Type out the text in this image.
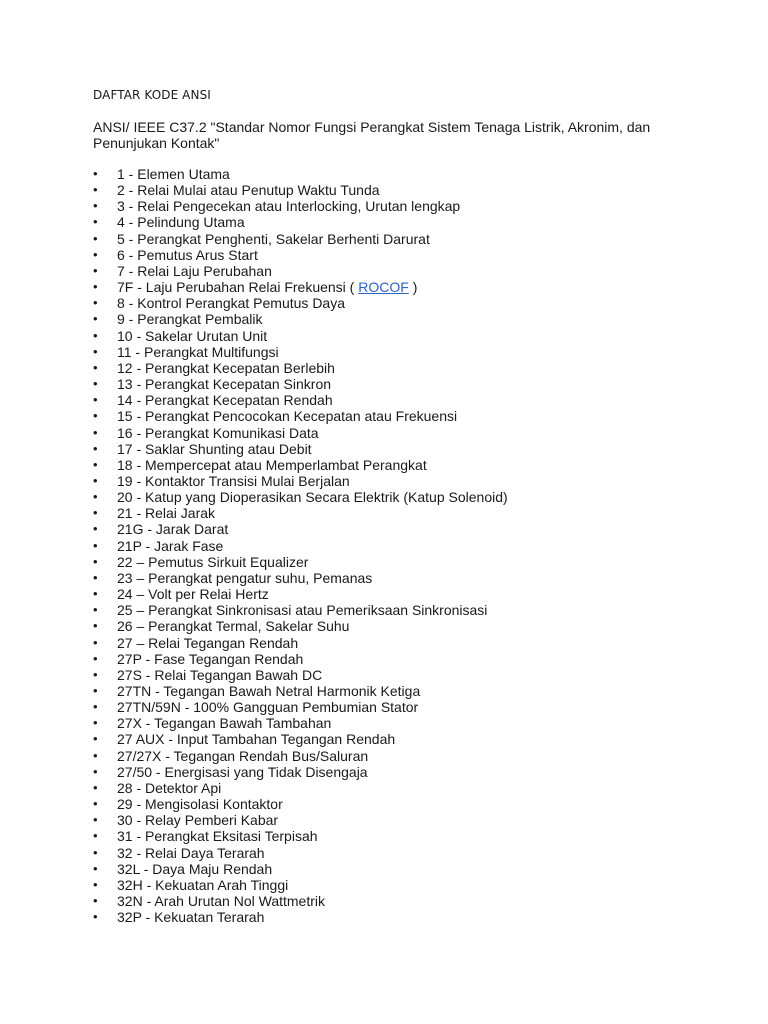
DAFTAR KODE ANSI
ANSI/ IEEE C37.2 "Standar Nomor Fungsi Perangkat Sistem Tenaga Listrik, Akronim, dan Penunjukan Kontak"
• 1 - Elemen Utama
• 2 - Relai Mulai atau Penutup Waktu Tunda
• 3 - Relai Pengecekan atau Interlocking, Urutan lengkap
• 4 - Pelindung Utama
• 5 - Perangkat Penghenti, Sakelar Berhenti Darurat
• 6 - Pemutus Arus Start
• 7 - Relai Laju Perubahan
• 7F - Laju Perubahan Relai Frekuensi ( ROCOF )
• 8 - Kontrol Perangkat Pemutus Daya
• 9 - Perangkat Pembalik
• 10 - Sakelar Urutan Unit
• 11 - Perangkat Multifungsi
• 12 - Perangkat Kecepatan Berlebih
• 13 - Perangkat Kecepatan Sinkron
• 14 - Perangkat Kecepatan Rendah
• 15 - Perangkat Pencocokan Kecepatan atau Frekuensi
• 16 - Perangkat Komunikasi Data
• 17 - Saklar Shunting atau Debit
• 18 - Mempercepat atau Memperlambat Perangkat
• 19 - Kontaktor Transisi Mulai Berjalan
• 20 - Katup yang Dioperasikan Secara Elektrik (Katup Solenoid)
• 21 - Relai Jarak
• 21G - Jarak Darat
• 21P - Jarak Fase
• 22 – Pemutus Sirkuit Equalizer
• 23 – Perangkat pengatur suhu, Pemanas
• 24 – Volt per Relai Hertz
• 25 – Perangkat Sinkronisasi atau Pemeriksaan Sinkronisasi
• 26 – Perangkat Termal, Sakelar Suhu
• 27 – Relai Tegangan Rendah
• 27P - Fase Tegangan Rendah
• 27S - Relai Tegangan Bawah DC
• 27TN - Tegangan Bawah Netral Harmonik Ketiga
• 27TN/59N - 100% Gangguan Pembumian Stator
• 27X - Tegangan Bawah Tambahan
• 27 AUX - Input Tambahan Tegangan Rendah
• 27/27X - Tegangan Rendah Bus/Saluran
• 27/50 - Energisasi yang Tidak Disengaja
• 28 - Detektor Api
• 29 - Mengisolasi Kontaktor
• 30 - Relay Pemberi Kabar
• 31 - Perangkat Eksitasi Terpisah
• 32 - Relai Daya Terarah
• 32L - Daya Maju Rendah
• 32H - Kekuatan Arah Tinggi
• 32N - Arah Urutan Nol Wattmetrik
• 32P - Kekuatan Terarah
